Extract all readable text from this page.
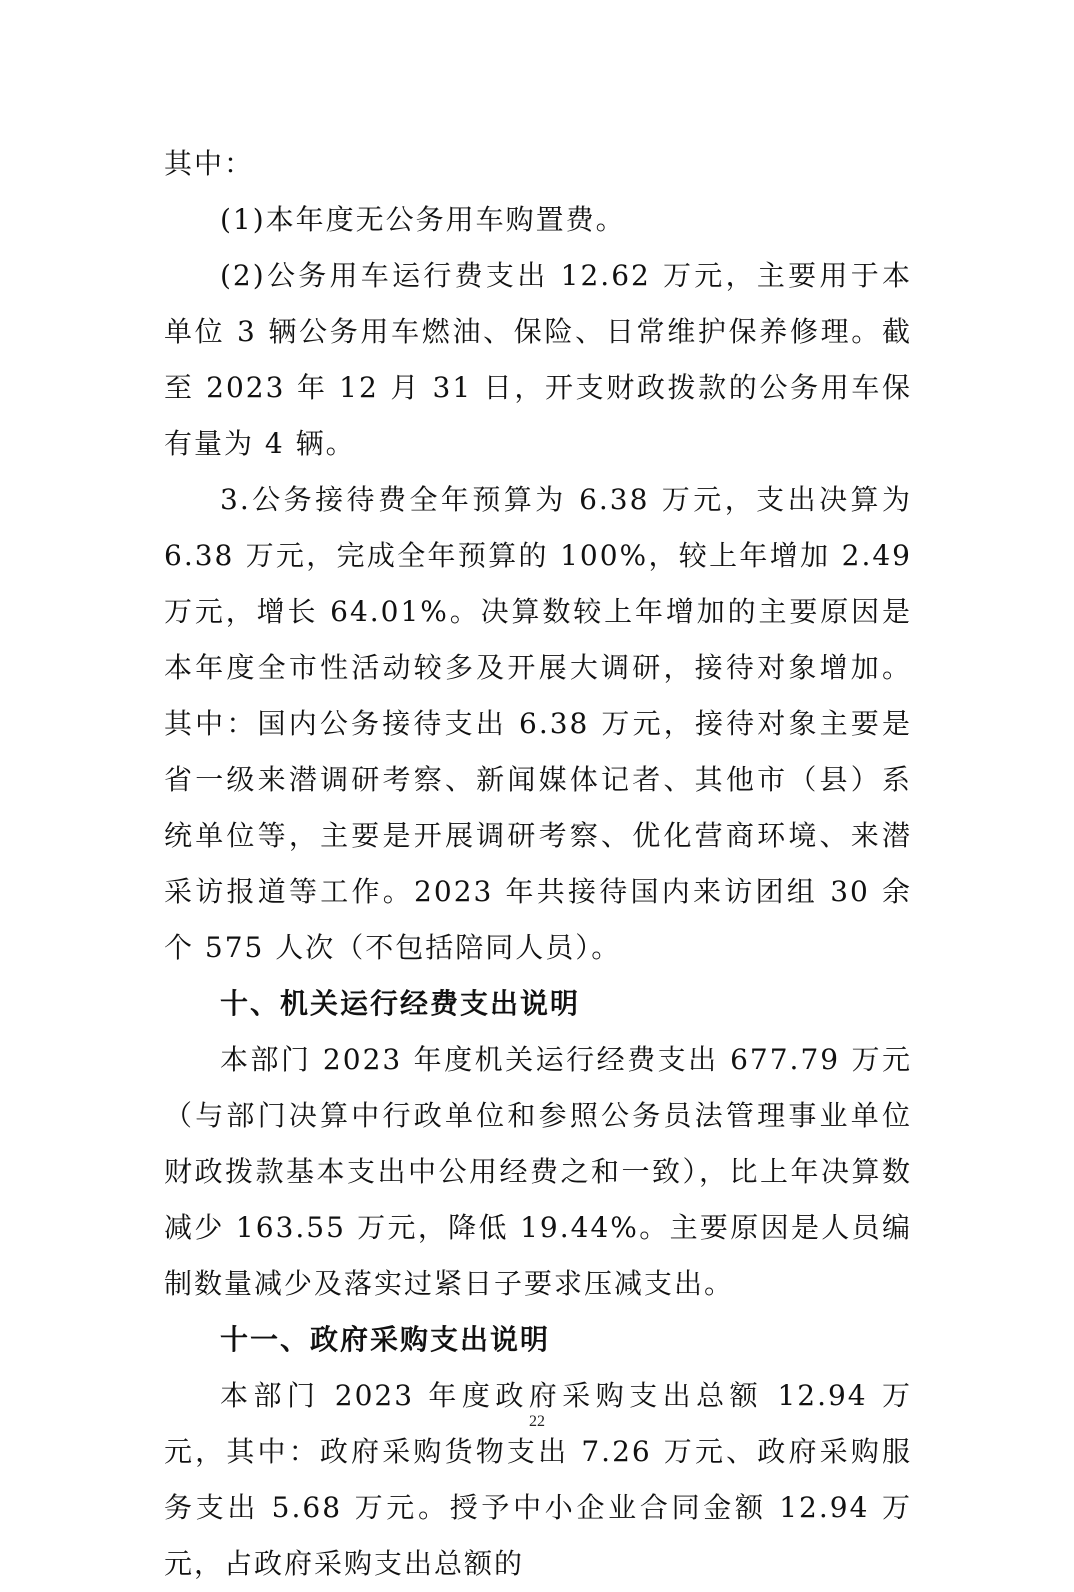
其中：

(1)本年度无公务用车购置费。

(2)公务用车运行费支出 12.62 万元，主要用于本单位 3 辆公务用车燃油、保险、日常维护保养修理。截至 2023 年 12 月 31 日，开支财政拨款的公务用车保有量为 4 辆。

3.公务接待费全年预算为 6.38 万元，支出决算为 6.38 万元，完成全年预算的 100%，较上年增加 2.49 万元，增长 64.01%。决算数较上年增加的主要原因是本年度全市性活动较多及开展大调研，接待对象增加。其中：国内公务接待支出 6.38 万元，接待对象主要是省一级来潜调研考察、新闻媒体记者、其他市（县）系统单位等，主要是开展调研考察、优化营商环境、来潜采访报道等工作。2023 年共接待国内来访团组 30 余个 575 人次（不包括陪同人员）。

十、机关运行经费支出说明

本部门 2023 年度机关运行经费支出 677.79 万元（与部门决算中行政单位和参照公务员法管理事业单位财政拨款基本支出中公用经费之和一致），比上年决算数减少 163.55 万元，降低 19.44%。主要原因是人员编制数量减少及落实过紧日子要求压减支出。

十一、政府采购支出说明

本部门 2023 年度政府采购支出总额 12.94 万元，其中：政府采购货物支出 7.26 万元、政府采购服务支出 5.68 万元。授予中小企业合同金额 12.94 万元，占政府采购支出总额的

22
